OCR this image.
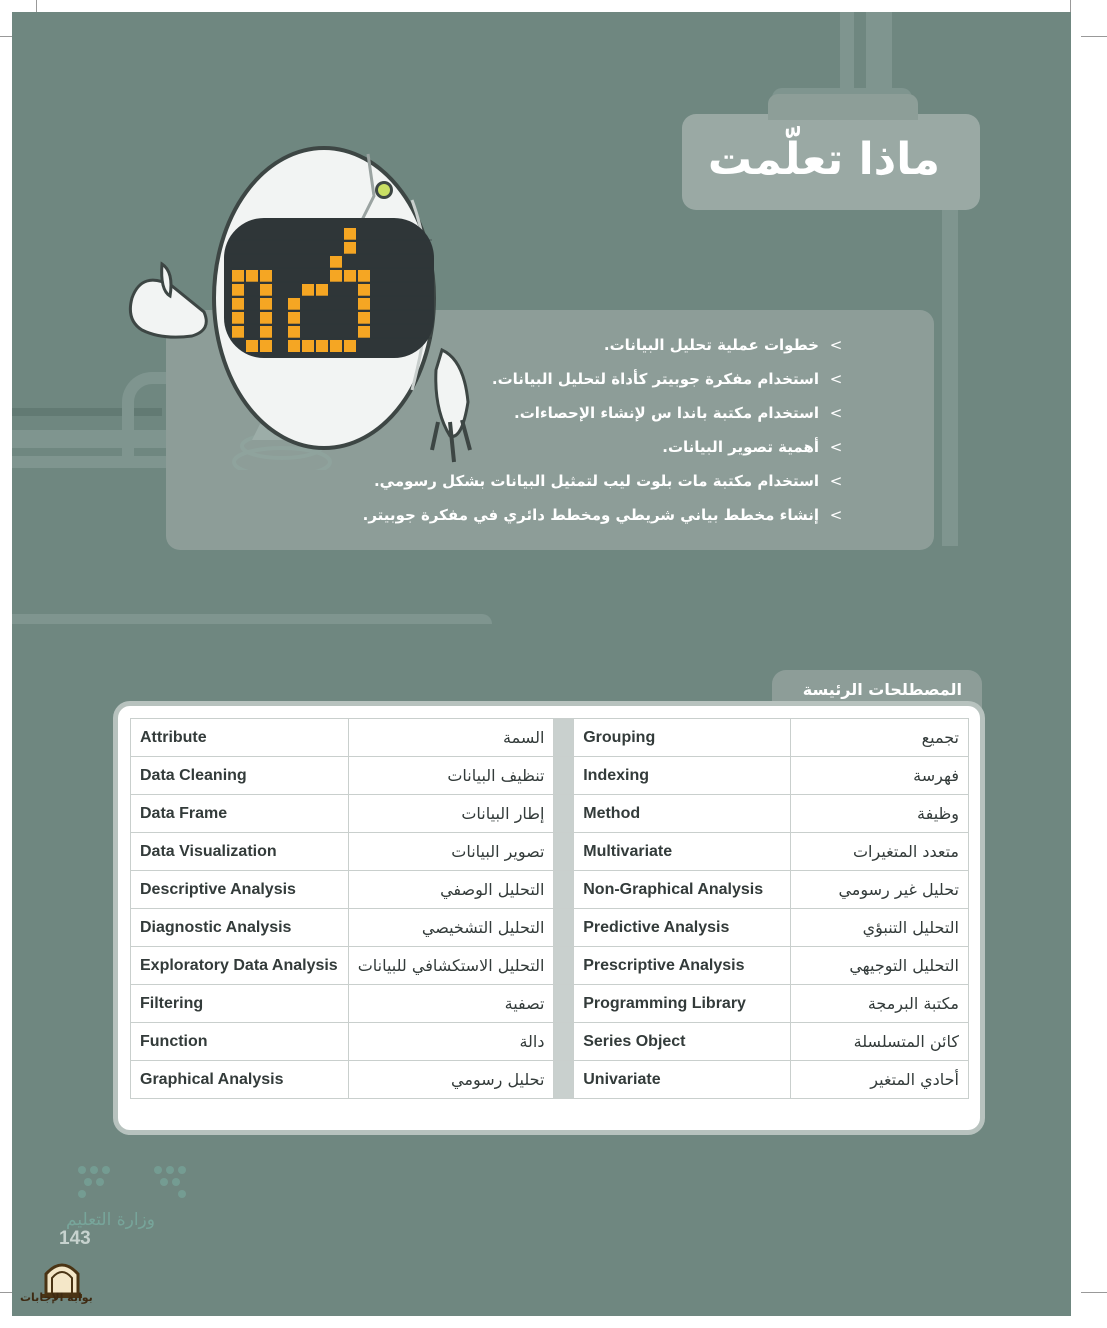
ماذا تعلّمت
>خطوات عملية تحليل البيانات.
>استخدام مفكرة جوبيتر كأداة لتحليل البيانات.
>استخدام مكتبة باندا س لإنشاء الإحصاءات.
>أهمية تصوير البيانات.
>استخدام مكتبة مات بلوت ليب لتمثيل البيانات بشكل رسومي.
>إنشاء مخطط بياني شريطي ومخطط دائري في مفكرة جوبيتر.
المصطلحات الرئيسة
Attribute	السمة		Grouping	تجميع

Data Cleaning	تنظيف البيانات		Indexing	فهرسة

Data Frame	إطار البيانات		Method	وظيفة

Data Visualization	تصوير البيانات		Multivariate	متعدد المتغيرات

Descriptive Analysis	التحليل الوصفي		Non-Graphical Analysis	تحليل غير رسومي

Diagnostic Analysis	التحليل التشخيصي		Predictive Analysis	التحليل التنبؤي

Exploratory Data Analysis	التحليل الاستكشافي للبيانات		Prescriptive Analysis	التحليل التوجيهي

Filtering	تصفية		Programming Library	مكتبة البرمجة

Function	دالة		Series Object	كائن المتسلسلة

Graphical Analysis	تحليل رسومي		Univariate	أحادي المتغير
وزارة التعليم
143
بوابة الإجابات
